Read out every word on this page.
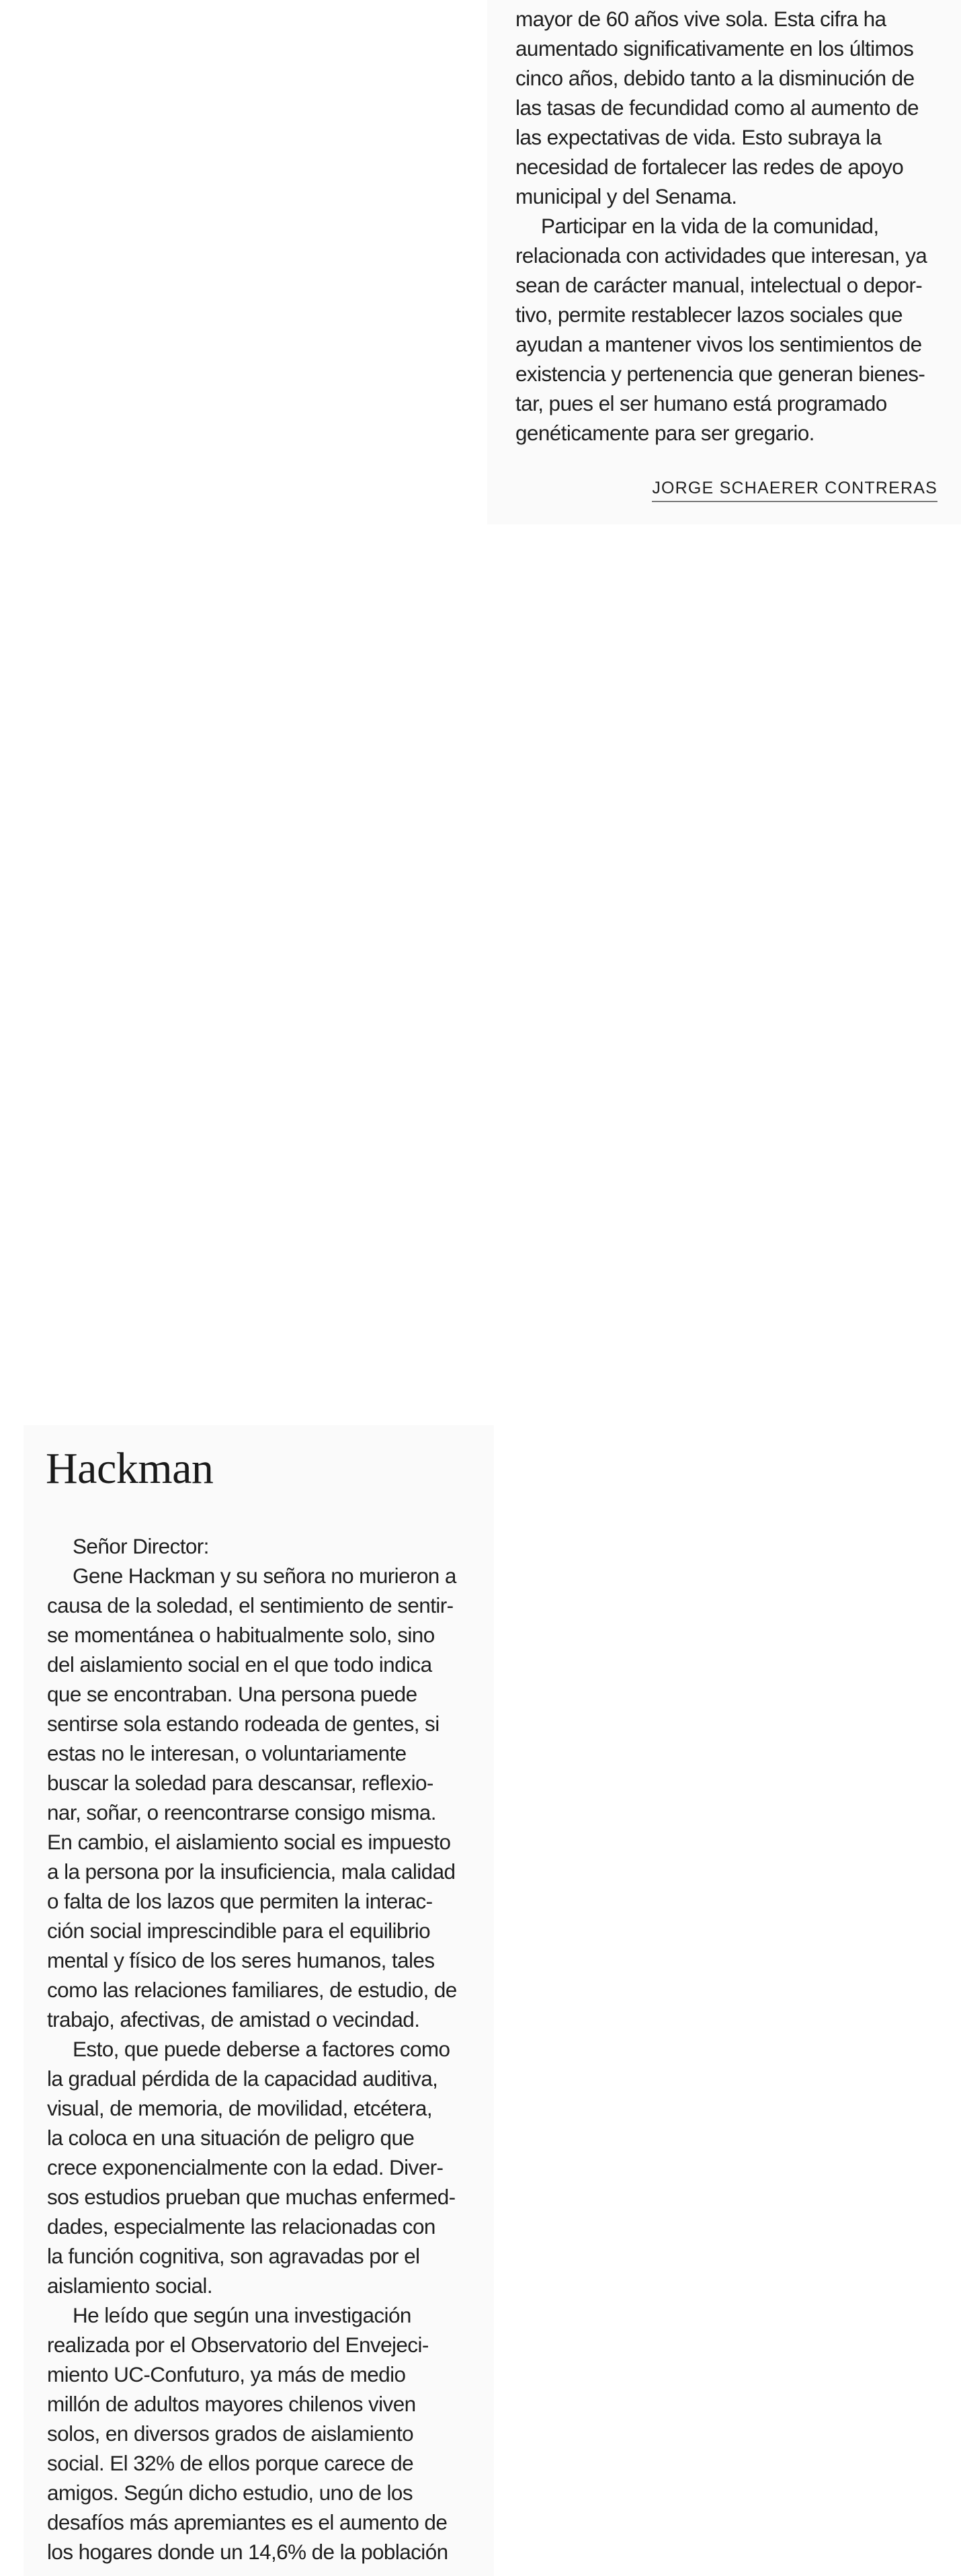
mayor de 60 años vive sola. Esta cifra ha
aumentado significativamente en los últimos
cinco años, debido tanto a la disminución de
las tasas de fecundidad como al aumento de
las expectativas de vida. Esto subraya la
necesidad de fortalecer las redes de apoyo
municipal y del Senama.
Participar en la vida de la comunidad,
relacionada con actividades que interesan, ya
sean de carácter manual, intelectual o depor-
tivo, permite restablecer lazos sociales que
ayudan a mantener vivos los sentimientos de
existencia y pertenencia que generan bienes-
tar, pues el ser humano está programado
genéticamente para ser gregario.
JORGE SCHAERER CONTRERAS
Hackman
Señor Director:
Gene Hackman y su señora no murieron a
causa de la soledad, el sentimiento de sentir-
se momentánea o habitualmente solo, sino
del aislamiento social en el que todo indica
que se encontraban. Una persona puede
sentirse sola estando rodeada de gentes, si
estas no le interesan, o voluntariamente
buscar la soledad para descansar, reflexio-
nar, soñar, o reencontrarse consigo misma.
En cambio, el aislamiento social es impuesto
a la persona por la insuficiencia, mala calidad
o falta de los lazos que permiten la interac-
ción social imprescindible para el equilibrio
mental y físico de los seres humanos, tales
como las relaciones familiares, de estudio, de
trabajo, afectivas, de amistad o vecindad.
Esto, que puede deberse a factores como
la gradual pérdida de la capacidad auditiva,
visual, de memoria, de movilidad, etcétera,
la coloca en una situación de peligro que
crece exponencialmente con la edad. Diver-
sos estudios prueban que muchas enfermed-
dades, especialmente las relacionadas con
la función cognitiva, son agravadas por el
aislamiento social.
He leído que según una investigación
realizada por el Observatorio del Envejeci-
miento UC-Confuturo, ya más de medio
millón de adultos mayores chilenos viven
solos, en diversos grados de aislamiento
social. El 32% de ellos porque carece de
amigos. Según dicho estudio, uno de los
desafíos más apremiantes es el aumento de
los hogares donde un 14,6% de la población
